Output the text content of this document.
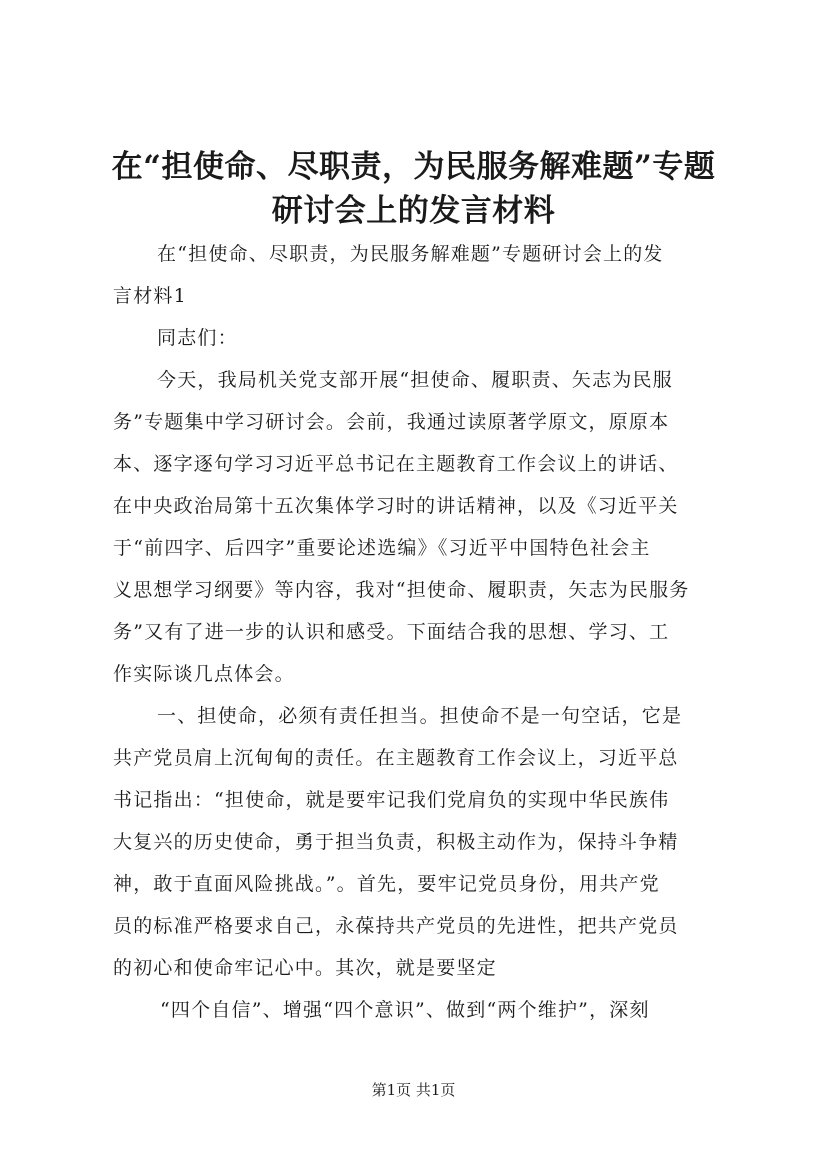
在“担使命、尽职责，为民服务解难题”专题
研讨会上的发言材料
在“担使命、尽职责，为民服务解难题”专题研讨会上的发
言材料1
同志们：
今天，我局机关党支部开展“担使命、履职责、矢志为民服
务”专题集中学习研讨会。会前，我通过读原著学原文，原原本
本、逐字逐句学习习近平总书记在主题教育工作会议上的讲话、
在中央政治局第十五次集体学习时的讲话精神，以及《习近平关
于“前四字、后四字”重要论述选编》《习近平中国特色社会主
义思想学习纲要》等内容，我对“担使命、履职责，矢志为民服务
务”又有了进一步的认识和感受。下面结合我的思想、学习、工
作实际谈几点体会。
一、担使命，必须有责任担当。担使命不是一句空话，它是
共产党员肩上沉甸甸的责任。在主题教育工作会议上，习近平总
书记指出：“担使命，就是要牢记我们党肩负的实现中华民族伟
大复兴的历史使命，勇于担当负责，积极主动作为，保持斗争精
神，敢于直面风险挑战。”。首先，要牢记党员身份，用共产党
员的标准严格要求自己，永葆持共产党员的先进性，把共产党员
的初心和使命牢记心中。其次，就是要坚定
“四个自信”、增强“四个意识”、做到“两个维护”，深刻
第1页 共1页
